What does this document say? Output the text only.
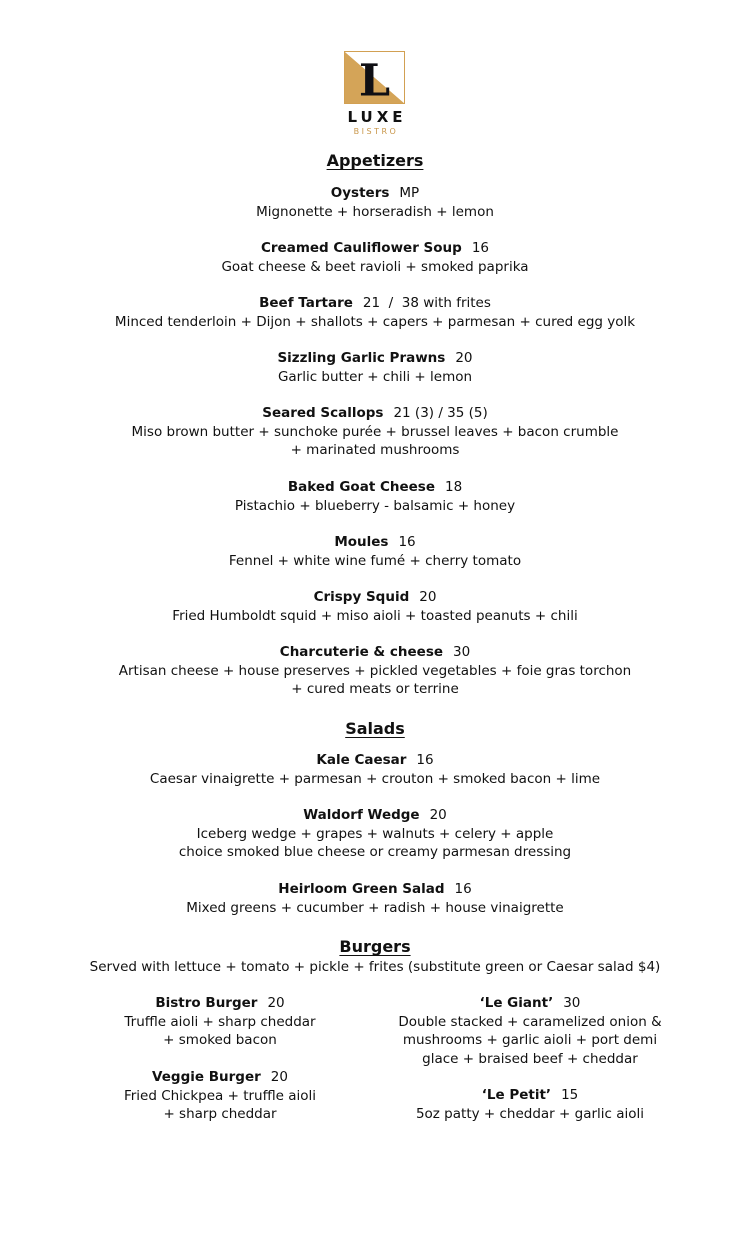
L
LUXE
BISTRO
Appetizers
Oysters MP
Mignonette + horseradish + lemon
Creamed Cauliflower Soup 16
Goat cheese & beet ravioli + smoked paprika
Beef Tartare 21  /  38 with frites
Minced tenderloin + Dijon + shallots + capers + parmesan + cured egg yolk
Sizzling Garlic Prawns 20
Garlic butter + chili + lemon
Seared Scallops 21 (3) / 35 (5)
Miso brown butter + sunchoke purée + brussel leaves + bacon crumble
+ marinated mushrooms
Baked Goat Cheese 18
Pistachio + blueberry - balsamic + honey
Moules 16
Fennel + white wine fumé + cherry tomato
Crispy Squid 20
Fried Humboldt squid + miso aioli + toasted peanuts + chili
Charcuterie & cheese 30
Artisan cheese + house preserves + pickled vegetables + foie gras torchon
+ cured meats or terrine
Salads
Kale Caesar 16
Caesar vinaigrette + parmesan + crouton + smoked bacon + lime
Waldorf Wedge 20
Iceberg wedge + grapes + walnuts + celery + apple
choice smoked blue cheese or creamy parmesan dressing
Heirloom Green Salad 16
Mixed greens + cucumber + radish + house vinaigrette
Burgers
Served with lettuce + tomato + pickle + frites (substitute green or Caesar salad $4)
Bistro Burger 20
Truffle aioli + sharp cheddar
+ smoked bacon
Veggie Burger 20
Fried Chickpea + truffle aioli
+ sharp cheddar
‘Le Giant’ 30
Double stacked + caramelized onion &
mushrooms + garlic aioli + port demi
glace + braised beef + cheddar
‘Le Petit’ 15
5oz patty + cheddar + garlic aioli
